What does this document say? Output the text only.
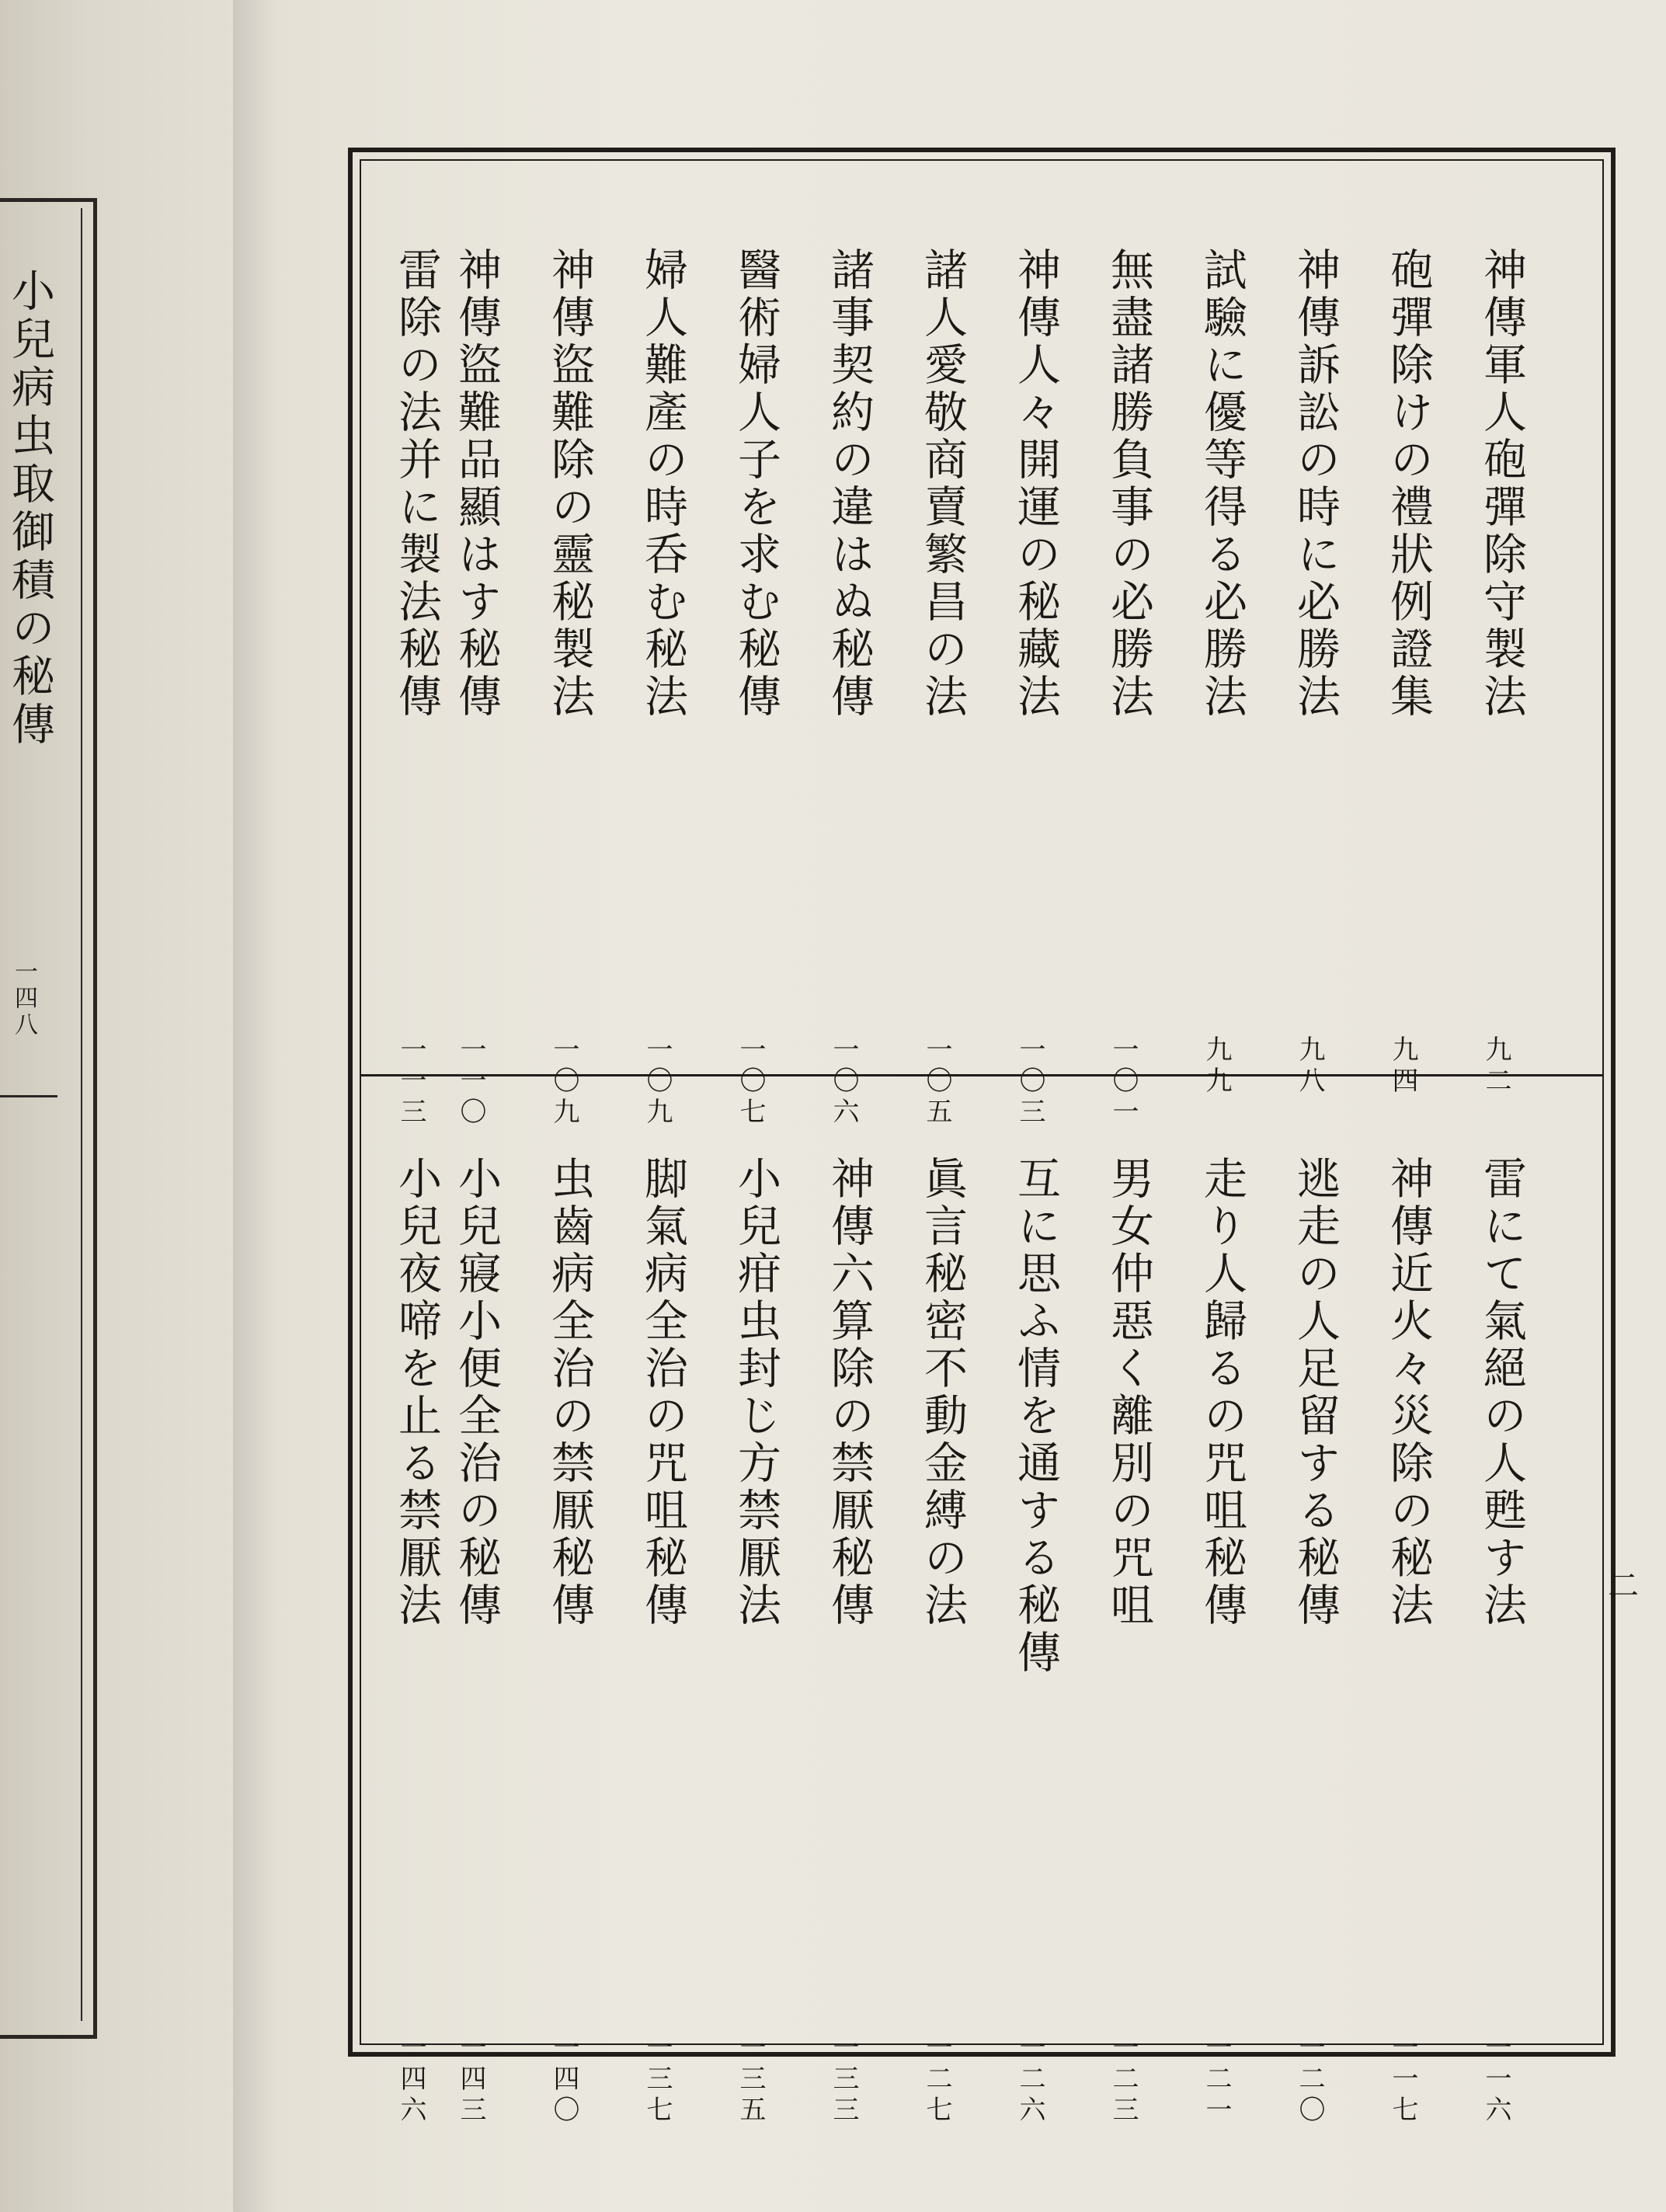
小兒病虫取御積の秘傳
一四八
神傳軍人砲彈除守製法
九二
砲彈除けの禮狀例證集
九四
神傳訴訟の時に必勝法
九八
試驗に優等得る必勝法
九九
無盡諸勝負事の必勝法
一〇一
神傳人々開運の秘藏法
一〇三
諸人愛敬商賣繁昌の法
一〇五
諸事契約の違はぬ秘傳
一〇六
醫術婦人子を求む秘傳
一〇七
婦人難產の時呑む秘法
一〇九
神傳盜難除の靈秘製法
一〇九
神傳盜難品顯はす秘傳
一一〇
雷除の法并に製法秘傳
一一三
雷にて氣絕の人甦す法
一一六
神傳近火々災除の秘法
一一七
逃走の人足留する秘傳
一二〇
走り人歸るの咒咀秘傳
一二一
男女仲惡く離別の咒咀
一二三
互に思ふ情を通する秘傳
一二六
眞言秘密不動金縛の法
一二七
神傳六算除の禁厭秘傳
一三三
小兒疳虫封じ方禁厭法
一三五
脚氣病全治の咒咀秘傳
一三七
虫齒病全治の禁厭秘傳
一四〇
小兒寢小便全治の秘傳
一四三
小兒夜啼を止る禁厭法
一四六
二
